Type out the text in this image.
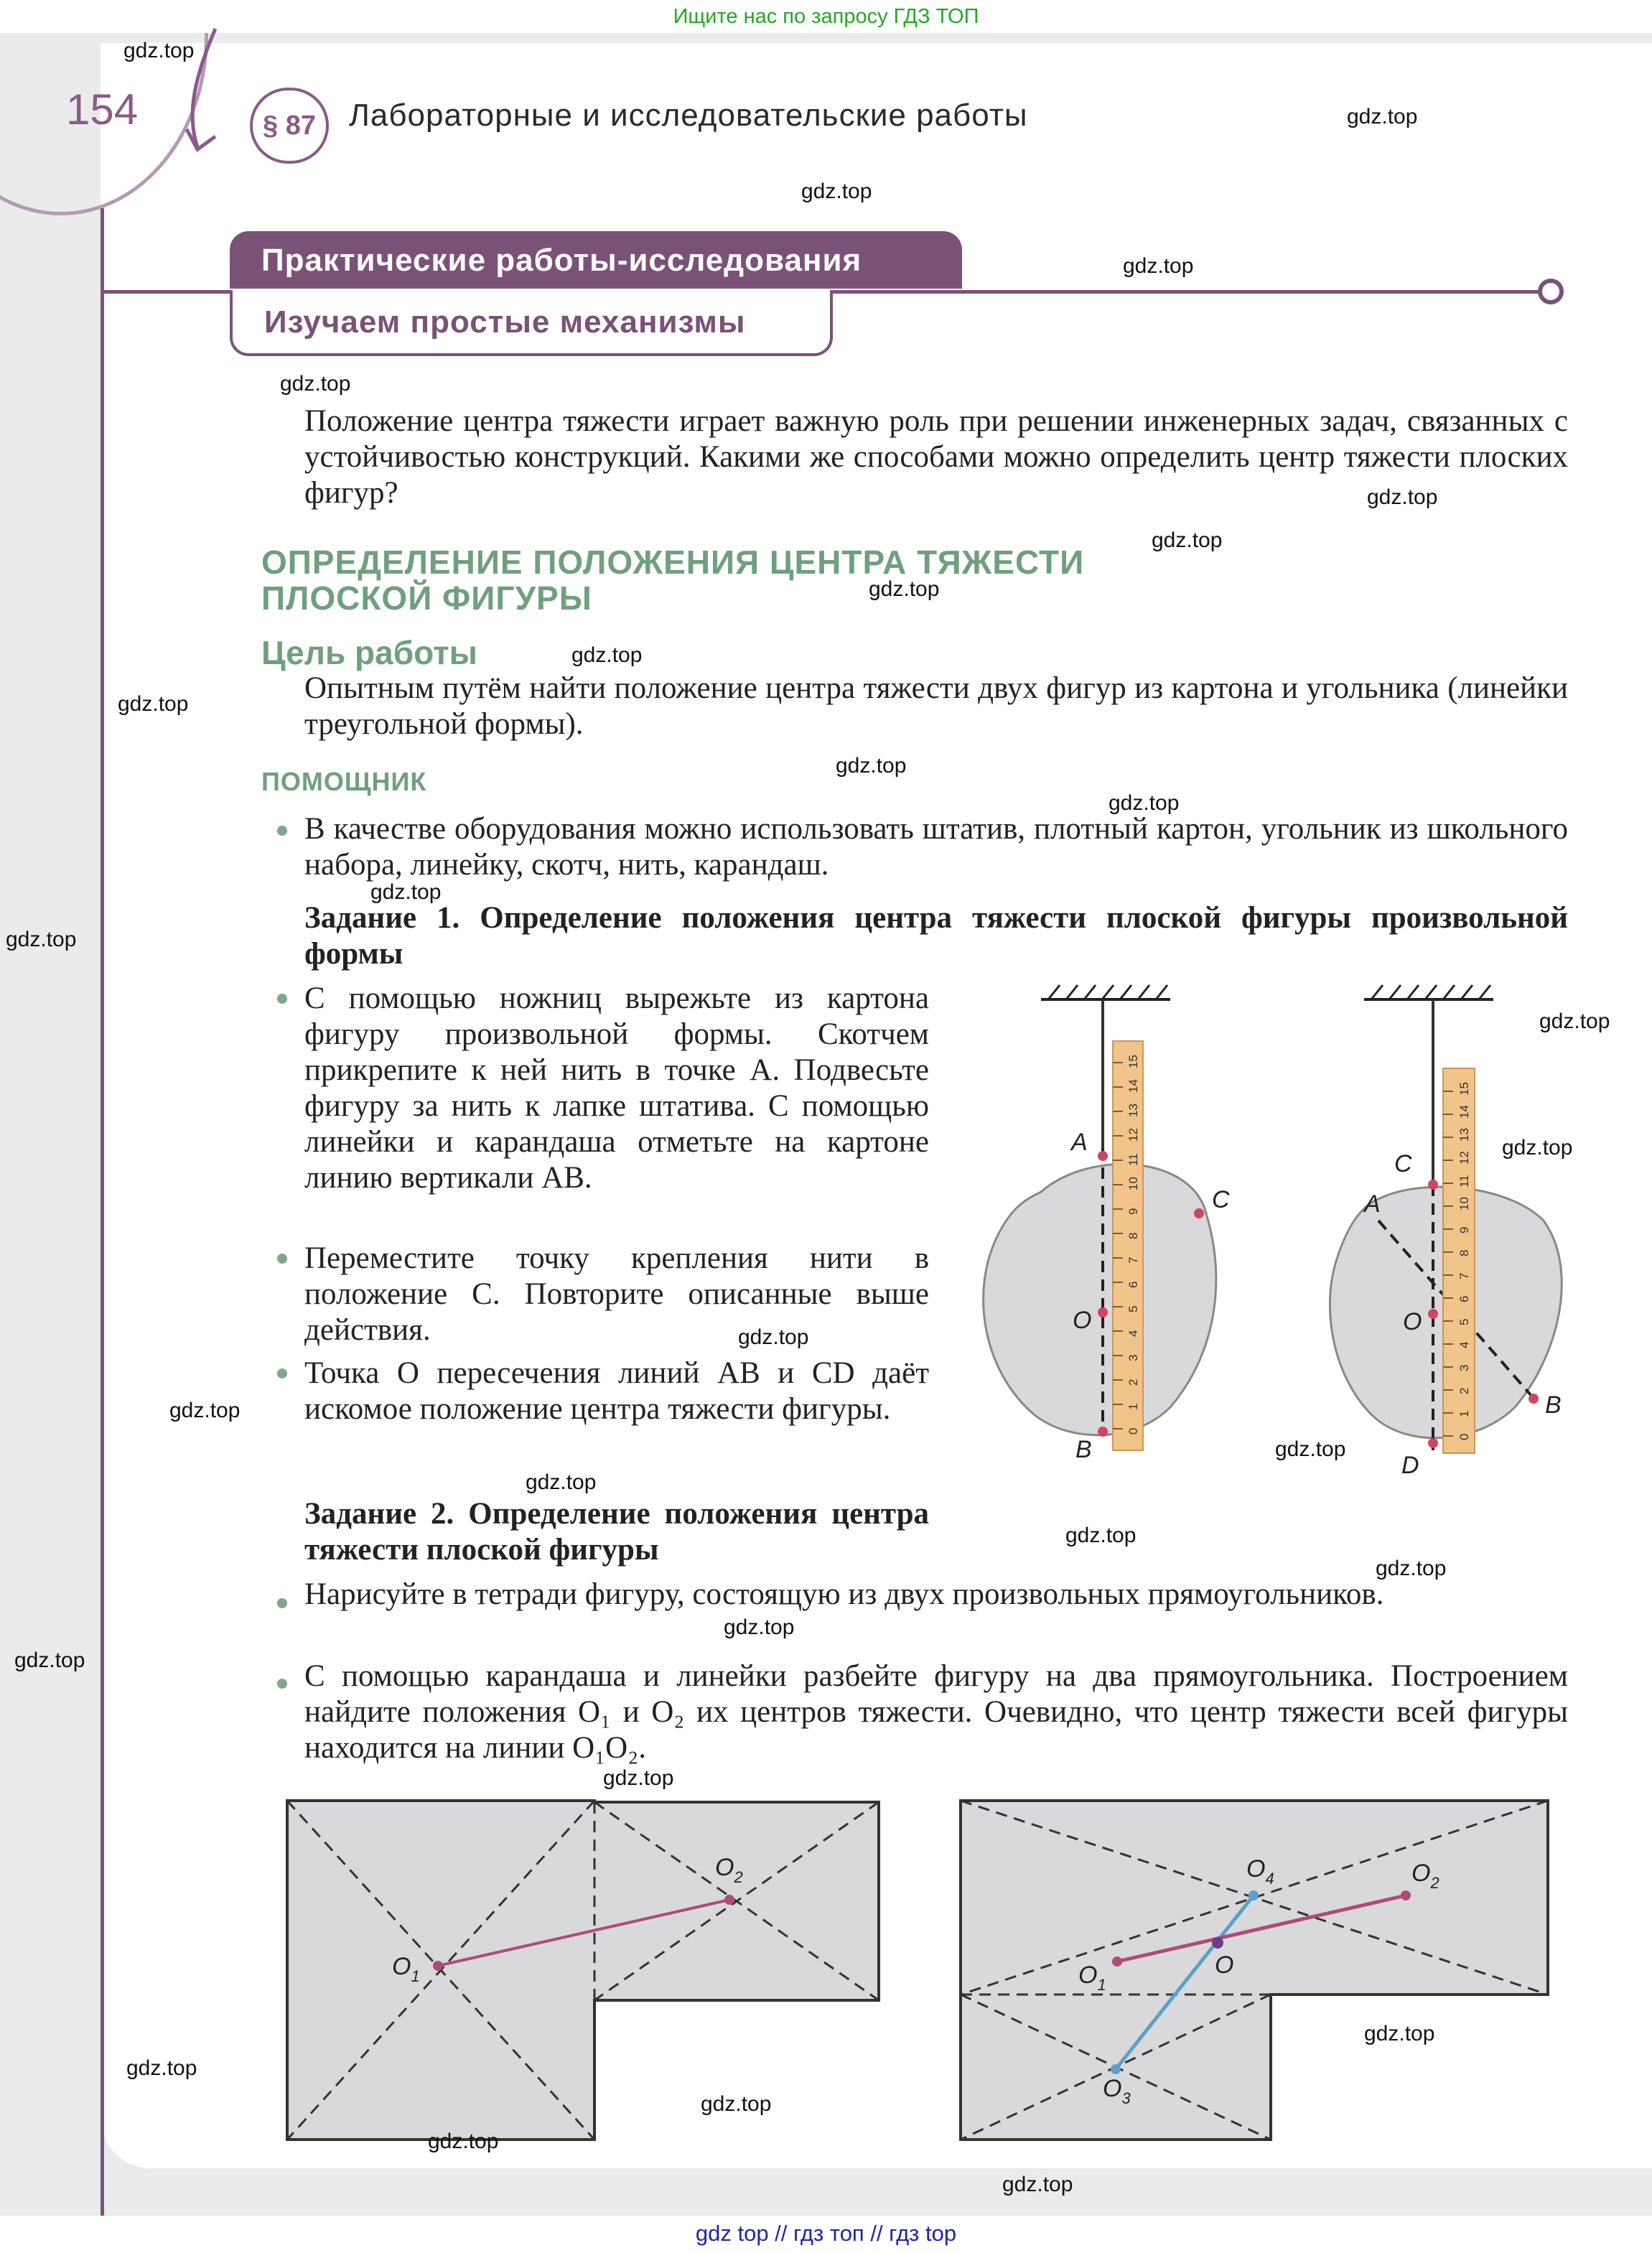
Ищите нас по запросу ГДЗ ТОП
154	§ 87	Лабораторные и исследовательские работы
Практические работы-исследования
Изучаем простые механизмы
Положение центра тяжести играет важную роль при решении инженерных задач, связанных с устойчивостью конструкций. Какими же способами можно определить центр тяжести плоских фигур?
ОПРЕДЕЛЕНИЕ ПОЛОЖЕНИЯ ЦЕНТРА ТЯЖЕСТИ
ПЛОСКОЙ ФИГУРЫ
Цель работы
Опытным путём найти положение центра тяжести двух фигур из картона и угольника (линейки треугольной формы).
ПОМОЩНИК
В качестве оборудования можно использовать штатив, плотный картон, угольник из школьного набора, линейку, скотч, нить, карандаш.
Задание 1. Определение положения центра тяжести плоской фигуры произвольной формы
С помощью ножниц вырежьте из картона фигуру произвольной формы. Скотчем прикрепите к ней нить в точке A. Подвесьте фигуру за нить к лапке штатива. С помощью линейки и карандаша отметьте на картоне линию вертикали AB.
Переместите точку крепления нити в положение C. Повторите описанные выше действия.
Точка O пересечения линий AB и CD даёт искомое положение центра тяжести фигуры.
Задание 2. Определение положения центра тяжести плоской фигуры
Нарисуйте в тетради фигуру, состоящую из двух произвольных прямоугольников.
С помощью карандаша и линейки разбейте фигуру на два прямоугольника. Построением найдите положения O₁ и O₂ их центров тяжести. Очевидно, что центр тяжести всей фигуры находится на линии O₁O₂.
A
C
O
B
A
C
O
B
D
0
1
2
3
4
5
6
7
8
9
10
11
12
13
14
15
0
1
2
3
4
5
6
7
8
9
10
11
12
13
14
15
$O_1$
$O_2$
$O_1$
$O_2$
$O_3$
$O_4$
O
gdz.top
gdz.top
gdz.top
gdz.top
gdz.top
gdz.top
gdz.top
gdz.top
gdz.top
gdz.top
gdz.top
gdz.top
gdz.top
gdz.top
gdz.top
gdz.top
gdz.top
gdz.top
gdz.top
gdz.top
gdz.top
gdz.top
gdz.top
gdz.top
gdz.top
gdz.top
gdz.top
gdz.top
gdz.top
gdz.top
gdz top // гдз топ // гдз top
